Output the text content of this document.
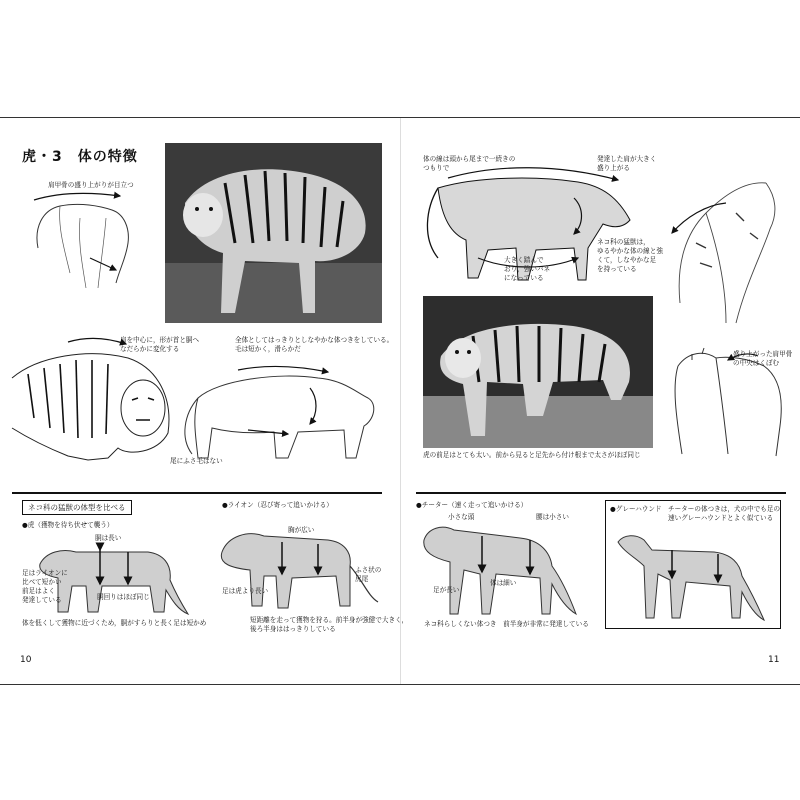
虎・3　体の特徴
肩甲骨の盛り上がりが目立つ
肩を中心に，形が首と胴へ
なだらかに変化する
全体としてはっきりとしなやかな体つきをしている。
毛は短かく，滑らかだ
尾にふさ毛はない
ネコ科の猛獣の体型を比べる
●虎（獲物を待ち伏せて襲う）
胴は長い
足はライオンに
比べて短かい
前足はよく
発達している	胴回りはほぼ同じ
体を低くして獲物に近づくため，胴がすらりと長く足は短かめ
●ライオン（忍び寄って追いかける）
胸が広い
足は虎より長い
ふさ状の
尻尾
短距離を走って獲物を狩る。前半身が強健で大きく，
後ろ半身ははっきりしている
10
体の線は頭から尾まで一続きの
つもりで
発達した肩が大きく
盛り上がる
ネコ科の猛獣は，
ゆるやかな体の線と強
くて，しなやかな足
を持っている
大きく踏んで
おり，強いバネ
になっている
虎の前足はとても太い。前から見ると足先から付け根まで太さがほぼ同じ
盛り上がった肩甲骨
の中央はくぼむ
●チーター（速く走って追いかける）
小さな頭	腰は小さい
足が長い
体は細い
ネコ科らしくない体つき　前半身が非常に発達している
●グレーハウンド チーターの体つきは，犬の中でも足の
速いグレーハウンドとよく似ている
11
